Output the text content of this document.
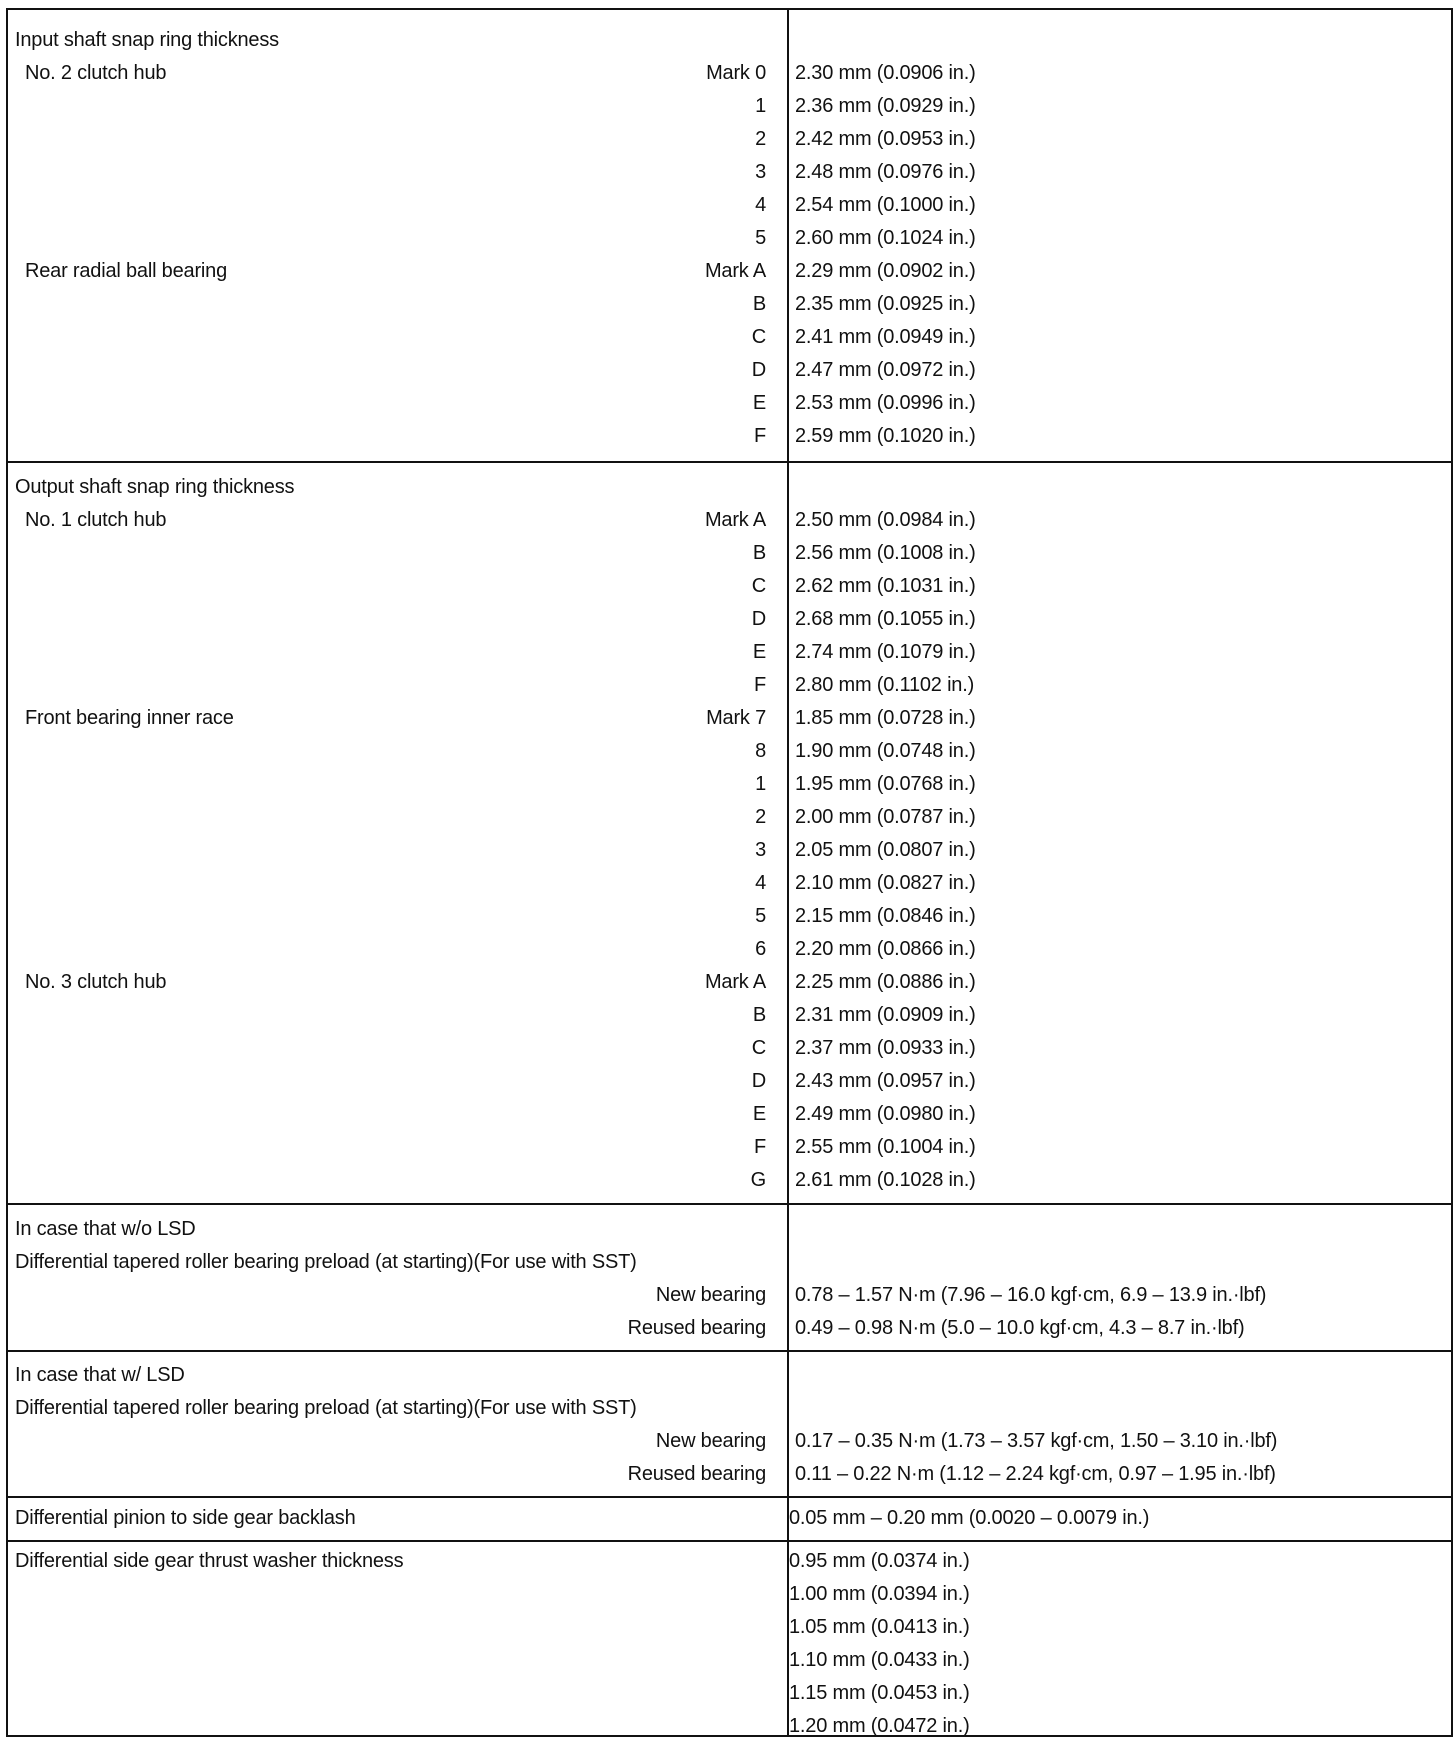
Input shaft snap ring thickness
No. 2 clutch hub	Mark 0 2.30 mm (0.0906 in.)
1 2.36 mm (0.0929 in.)
2 2.42 mm (0.0953 in.)
3 2.48 mm (0.0976 in.)
4 2.54 mm (0.1000 in.)
5 2.60 mm (0.1024 in.)
Rear radial ball bearing	Mark A 2.29 mm (0.0902 in.)
B 2.35 mm (0.0925 in.)
C 2.41 mm (0.0949 in.)
D 2.47 mm (0.0972 in.)
E 2.53 mm (0.0996 in.)
F 2.59 mm (0.1020 in.)
Output shaft snap ring thickness
No. 1 clutch hub	Mark A 2.50 mm (0.0984 in.)
B 2.56 mm (0.1008 in.)
C 2.62 mm (0.1031 in.)
D 2.68 mm (0.1055 in.)
E 2.74 mm (0.1079 in.)
F 2.80 mm (0.1102 in.)
Front bearing inner race	Mark 7 1.85 mm (0.0728 in.)
8 1.90 mm (0.0748 in.)
1 1.95 mm (0.0768 in.)
2 2.00 mm (0.0787 in.)
3 2.05 mm (0.0807 in.)
4 2.10 mm (0.0827 in.)
5 2.15 mm (0.0846 in.)
6 2.20 mm (0.0866 in.)
No. 3 clutch hub	Mark A 2.25 mm (0.0886 in.)
B 2.31 mm (0.0909 in.)
C 2.37 mm (0.0933 in.)
D 2.43 mm (0.0957 in.)
E 2.49 mm (0.0980 in.)
F 2.55 mm (0.1004 in.)
G 2.61 mm (0.1028 in.)
In case that w/o LSD
Differential tapered roller bearing preload (at starting)(For use with SST)
New bearing 0.78 – 1.57 N·m (7.96 – 16.0 kgf·cm, 6.9 – 13.9 in.·lbf)
Reused bearing 0.49 – 0.98 N·m (5.0 – 10.0 kgf·cm, 4.3 – 8.7 in.·lbf)
In case that w/ LSD
Differential tapered roller bearing preload (at starting)(For use with SST)
New bearing 0.17 – 0.35 N·m (1.73 – 3.57 kgf·cm, 1.50 – 3.10 in.·lbf)
Reused bearing 0.11 – 0.22 N·m (1.12 – 2.24 kgf·cm, 0.97 – 1.95 in.·lbf)
Differential pinion to side gear backlash	0.05 mm – 0.20 mm (0.0020 – 0.0079 in.)
Differential side gear thrust washer thickness	0.95 mm (0.0374 in.)
1.00 mm (0.0394 in.)
1.05 mm (0.0413 in.)
1.10 mm (0.0433 in.)
1.15 mm (0.0453 in.)
1.20 mm (0.0472 in.)
